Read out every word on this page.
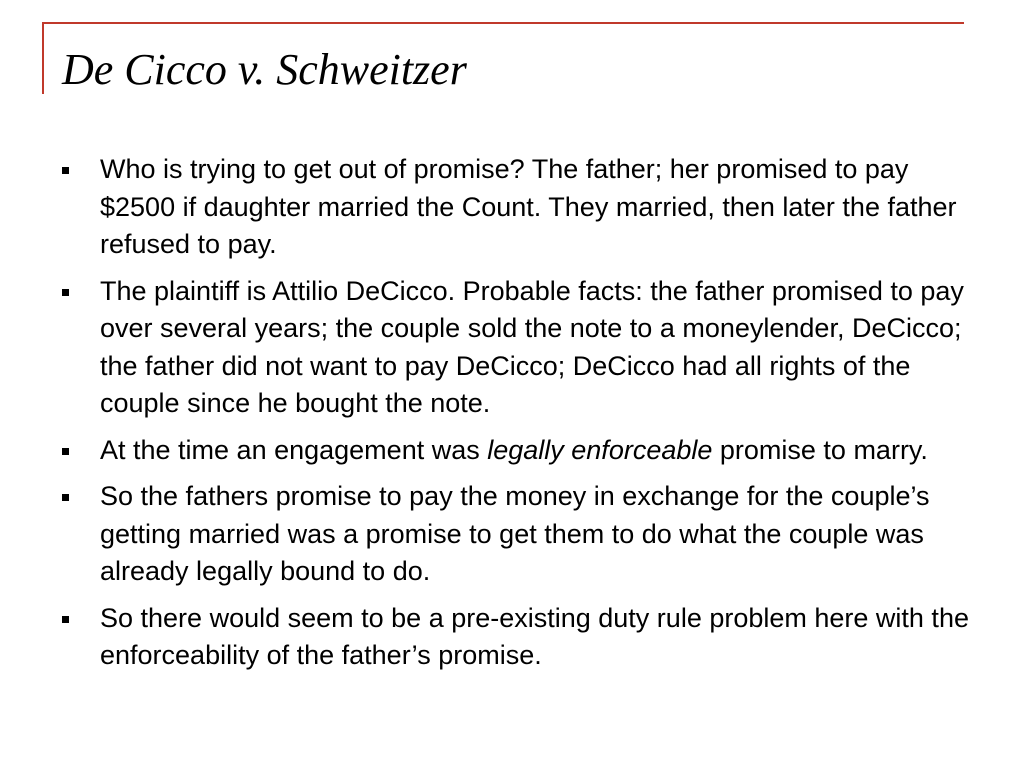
De Cicco v. Schweitzer
Who is trying to get out of promise? The father; her promised to pay $2500 if daughter married the Count. They married, then later the father refused to pay.
The plaintiff is Attilio DeCicco. Probable facts: the father promised to pay over several years; the couple sold the note to a moneylender, DeCicco; the father did not want to pay DeCicco; DeCicco had all rights of the couple since he bought the note.
At the time an engagement was legally enforceable promise to marry.
So the fathers promise to pay the money in exchange for the couple’s getting married was a promise to get them to do what the couple was already legally bound to do.
So there would seem to be a pre-existing duty rule problem here with the enforceability of the father’s promise.
